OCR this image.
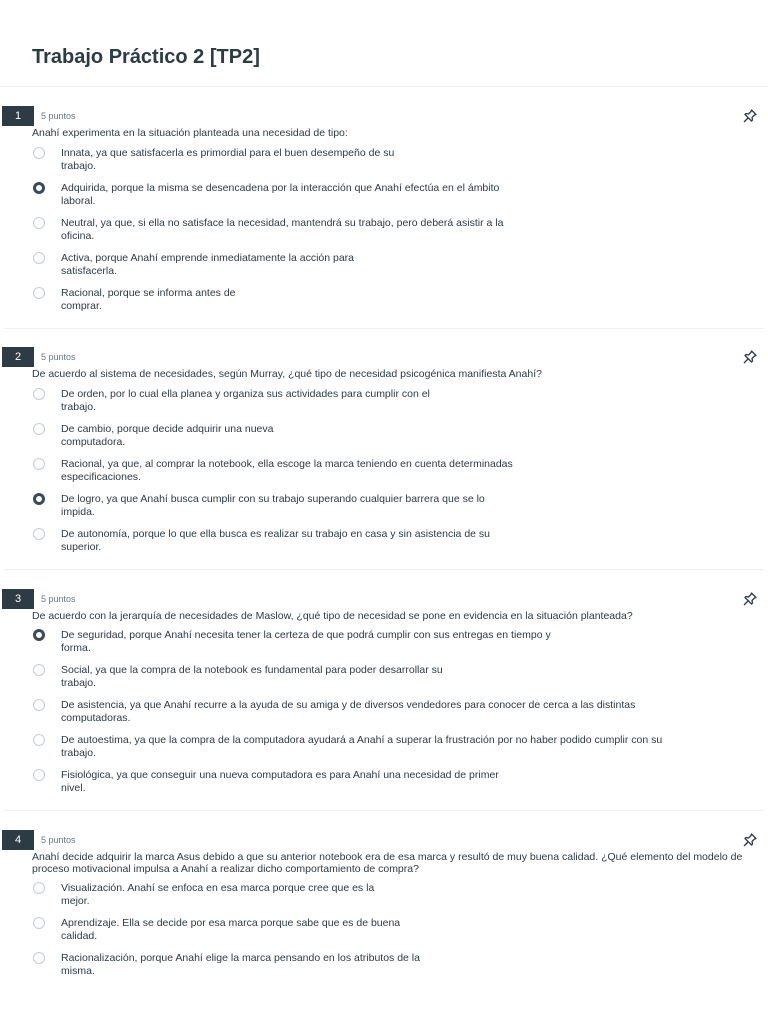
Trabajo Práctico 2 [TP2]
1	5 puntos
Anahí experimenta en la situación planteada una necesidad de tipo:
Innata, ya que satisfacerla es primordial para el buen desempeño de su
trabajo.
Adquirida, porque la misma se desencadena por la interacción que Anahí efectúa en el ámbito
laboral.
Neutral, ya que, si ella no satisface la necesidad, mantendrá su trabajo, pero deberá asistir a la
oficina.
Activa, porque Anahí emprende inmediatamente la acción para
satisfacerla.
Racional, porque se informa antes de
comprar.
2	5 puntos
De acuerdo al sistema de necesidades, según Murray, ¿qué tipo de necesidad psicogénica manifiesta Anahí?
De orden, por lo cual ella planea y organiza sus actividades para cumplir con el
trabajo.
De cambio, porque decide adquirir una nueva
computadora.
Racional, ya que, al comprar la notebook, ella escoge la marca teniendo en cuenta determinadas
especificaciones.
De logro, ya que Anahí busca cumplir con su trabajo superando cualquier barrera que se lo
impida.
De autonomía, porque lo que ella busca es realizar su trabajo en casa y sin asistencia de su
superior.
3	5 puntos
De acuerdo con la jerarquía de necesidades de Maslow, ¿qué tipo de necesidad se pone en evidencia en la situación planteada?
De seguridad, porque Anahí necesita tener la certeza de que podrá cumplir con sus entregas en tiempo y
forma.
Social, ya que la compra de la notebook es fundamental para poder desarrollar su
trabajo.
De asistencia, ya que Anahí recurre a la ayuda de su amiga y de diversos vendedores para conocer de cerca a las distintas
computadoras.
De autoestima, ya que la compra de la computadora ayudará a Anahí a superar la frustración por no haber podido cumplir con su
trabajo.
Fisiológica, ya que conseguir una nueva computadora es para Anahí una necesidad de primer
nivel.
4	5 puntos
Anahí decide adquirir la marca Asus debido a que su anterior notebook era de esa marca y resultó de muy buena calidad. ¿Qué elemento del modelo de proceso motivacional impulsa a Anahí a realizar dicho comportamiento de compra?
Visualización. Anahí se enfoca en esa marca porque cree que es la
mejor.
Aprendizaje. Ella se decide por esa marca porque sabe que es de buena
calidad.
Racionalización, porque Anahí elige la marca pensando en los atributos de la
misma.
